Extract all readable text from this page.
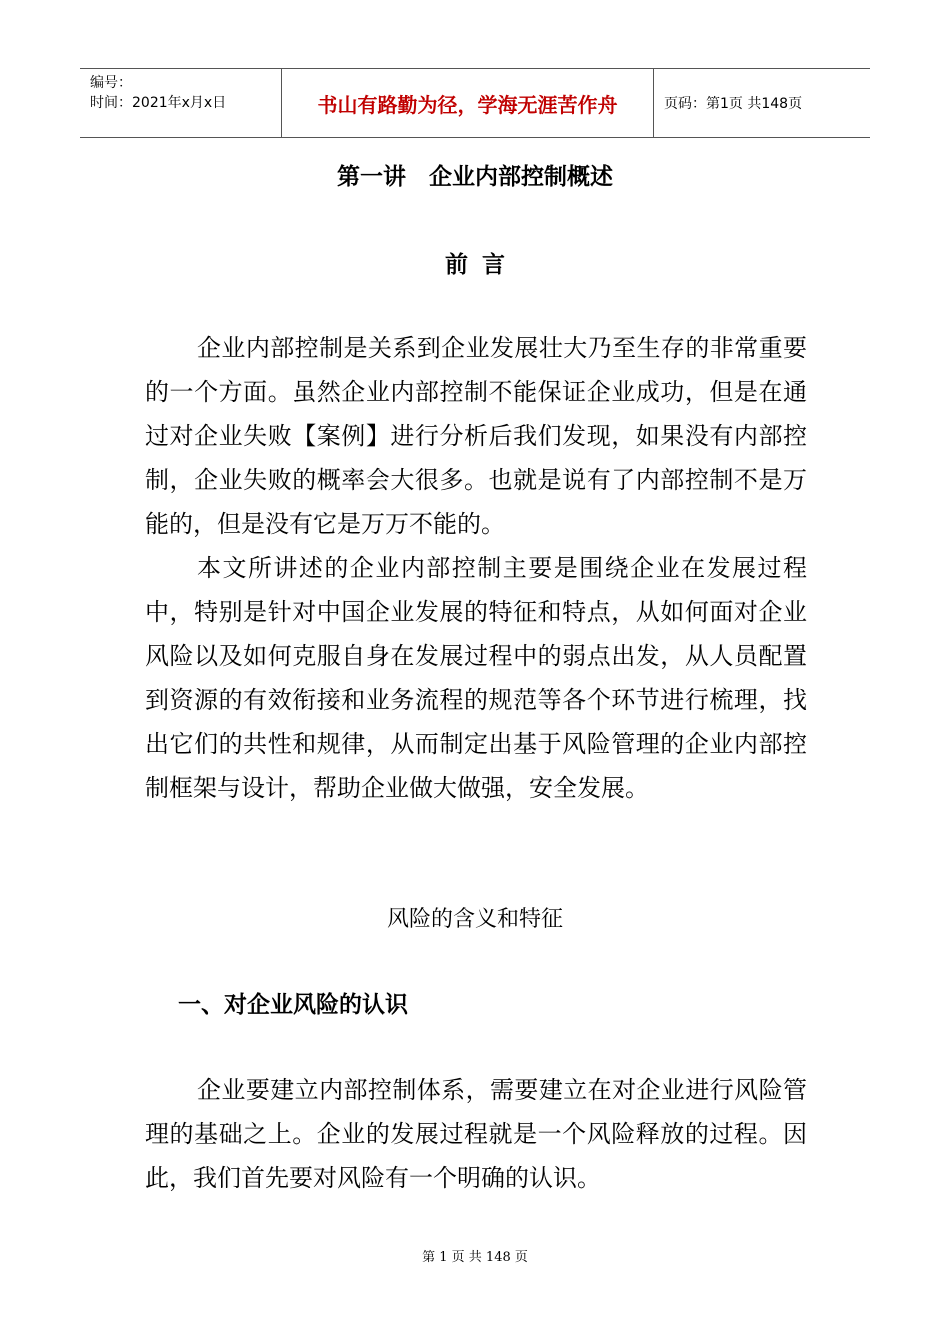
编号：
时间：2021年x月x日	书山有路勤为径，学海无涯苦作舟	页码：第1页 共148页
第一讲　企业内部控制概述
前言

企业内部控制是关系到企业发展壮大乃至生存的非常重要的一个方面。虽然企业内部控制不能保证企业成功，但是在通过对企业失败【案例】进行分析后我们发现，如果没有内部控制，企业失败的概率会大很多。也就是说有了内部控制不是万能的，但是没有它是万万不能的。

本文所讲述的企业内部控制主要是围绕企业在发展过程中，特别是针对中国企业发展的特征和特点，从如何面对企业风险以及如何克服自身在发展过程中的弱点出发，从人员配置到资源的有效衔接和业务流程的规范等各个环节进行梳理，找出它们的共性和规律，从而制定出基于风险管理的企业内部控制框架与设计，帮助企业做大做强，安全发展。

风险的含义和特征
一、对企业风险的认识

企业要建立内部控制体系，需要建立在对企业进行风险管理的基础之上。企业的发展过程就是一个风险释放的过程。因此，我们首先要对风险有一个明确的认识。

第 1 页 共 148 页
